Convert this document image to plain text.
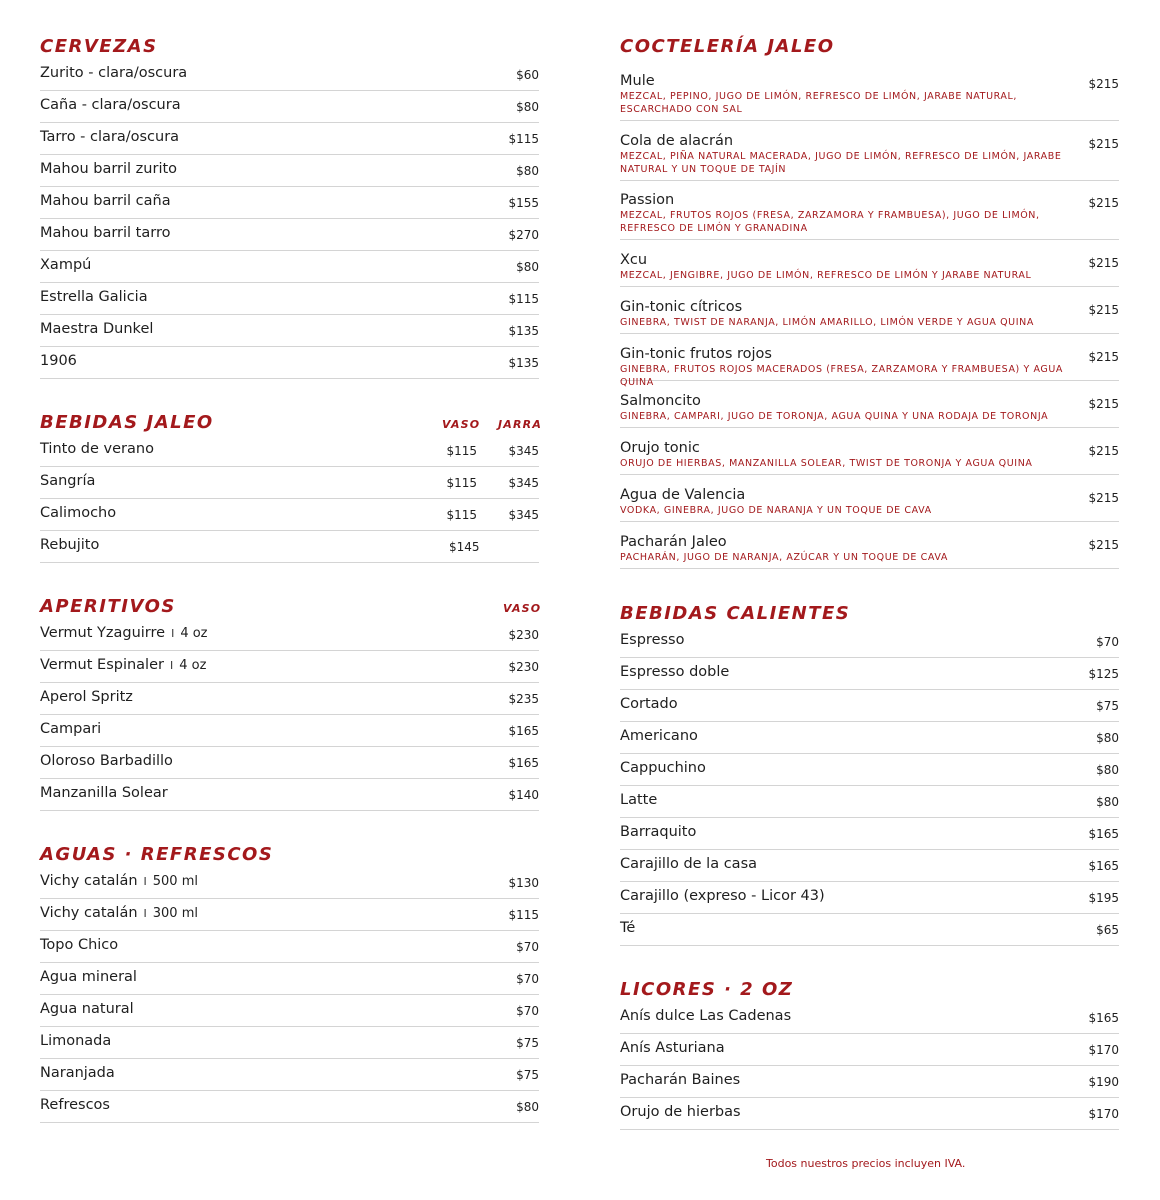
CERVEZAS
Zurito - clara/oscura	$60
Caña - clara/oscura	$80
Tarro - clara/oscura	$115
Mahou barril zurito	$80
Mahou barril caña	$155
Mahou barril tarro	$270
Xampú	$80
Estrella Galicia	$115
Maestra Dunkel	$135
1906	$135
BEBIDAS JALEO	VASO JARRA
Tinto de verano	$115	$345
Sangría	$115	$345
Calimocho	$115	$345
Rebujito	$145
APERITIVOS	VASO
Vermut Yzaguirre I 4 oz	$230
Vermut Espinaler I 4 oz	$230
Aperol Spritz	$235
Campari	$165
Oloroso Barbadillo	$165
Manzanilla Solear	$140
AGUAS · REFRESCOS
Vichy catalán I 500 ml	$130
Vichy catalán I 300 ml	$115
Topo Chico	$70
Agua mineral	$70
Agua natural	$70
Limonada	$75
Naranjada	$75
Refrescos	$80
COCTELERÍA JALEO
Mule	$215
MEZCAL, PEPINO, JUGO DE LIMÓN, REFRESCO DE LIMÓN, JARABE NATURAL, ESCARCHADO CON SAL
Cola de alacrán	$215
MEZCAL, PIÑA NATURAL MACERADA, JUGO DE LIMÓN, REFRESCO DE LIMÓN, JARABE NATURAL Y UN TOQUE DE TAJÍN
Passion	$215
MEZCAL, FRUTOS ROJOS (FRESA, ZARZAMORA Y FRAMBUESA), JUGO DE LIMÓN, REFRESCO DE LIMÓN Y GRANADINA
Xcu	$215
MEZCAL, JENGIBRE, JUGO DE LIMÓN, REFRESCO DE LIMÓN Y JARABE NATURAL
Gin-tonic cítricos	$215
GINEBRA, TWIST DE NARANJA, LIMÓN AMARILLO, LIMÓN VERDE Y AGUA QUINA
Gin-tonic frutos rojos	$215
GINEBRA, FRUTOS ROJOS MACERADOS (FRESA, ZARZAMORA Y FRAMBUESA) Y AGUA QUINA
Salmoncito	$215
GINEBRA, CAMPARI, JUGO DE TORONJA, AGUA QUINA Y UNA RODAJA DE TORONJA
Orujo tonic	$215
ORUJO DE HIERBAS, MANZANILLA SOLEAR, TWIST DE TORONJA Y AGUA QUINA
Agua de Valencia	$215
VODKA, GINEBRA, JUGO DE NARANJA Y UN TOQUE DE CAVA
Pacharán Jaleo	$215
PACHARÁN, JUGO DE NARANJA, AZÚCAR Y UN TOQUE DE CAVA
BEBIDAS CALIENTES
Espresso	$70
Espresso doble	$125
Cortado	$75
Americano	$80
Cappuchino	$80
Latte	$80
Barraquito	$165
Carajillo de la casa	$165
Carajillo (expreso - Licor 43)	$195
Té	$65
LICORES · 2 OZ
Anís dulce Las Cadenas	$165
Anís Asturiana	$170
Pacharán Baines	$190
Orujo de hierbas	$170
Todos nuestros precios incluyen IVA.
